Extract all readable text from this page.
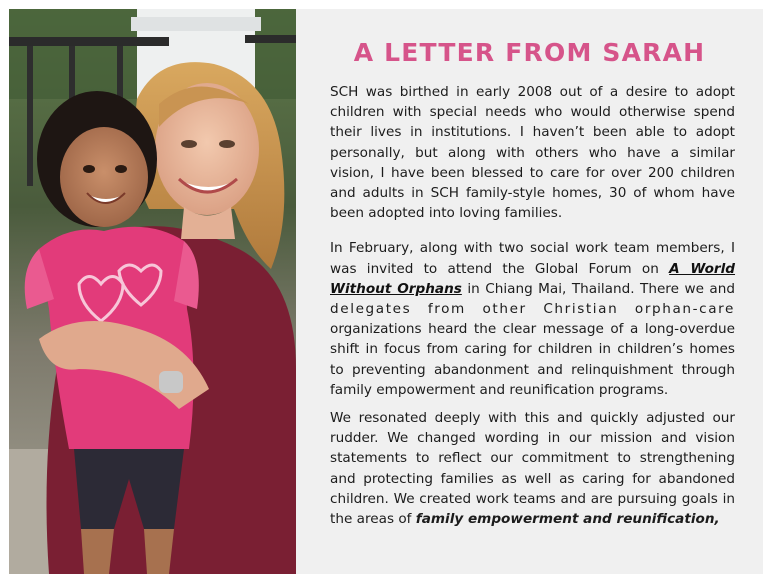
A LETTER FROM SARAH

SCH was birthed in early 2008 out of a desire to adopt children with special needs who would otherwise spend their lives in institutions. I haven’t been able to adopt personally, but along with others who have a similar vision, I have been blessed to care for over 200 children and adults in SCH family-style homes, 30 of whom have been adopted into loving families.

In February, along with two social work team members, I was invited to attend the Global Forum on A World Without Orphans in Chiang Mai, Thailand. There we and delegates from other Christian orphan-care organizations heard the clear message of a long-overdue shift in focus from caring for children in children’s homes to preventing abandonment and relinquishment through family empowerment and reunification programs.

We resonated deeply with this and quickly adjusted our rudder. We changed wording in our mission and vision statements to reflect our commitment to strengthening and protecting families as well as caring for abandoned children. We created work teams and are pursuing goals in the areas of family empowerment and reunification,
